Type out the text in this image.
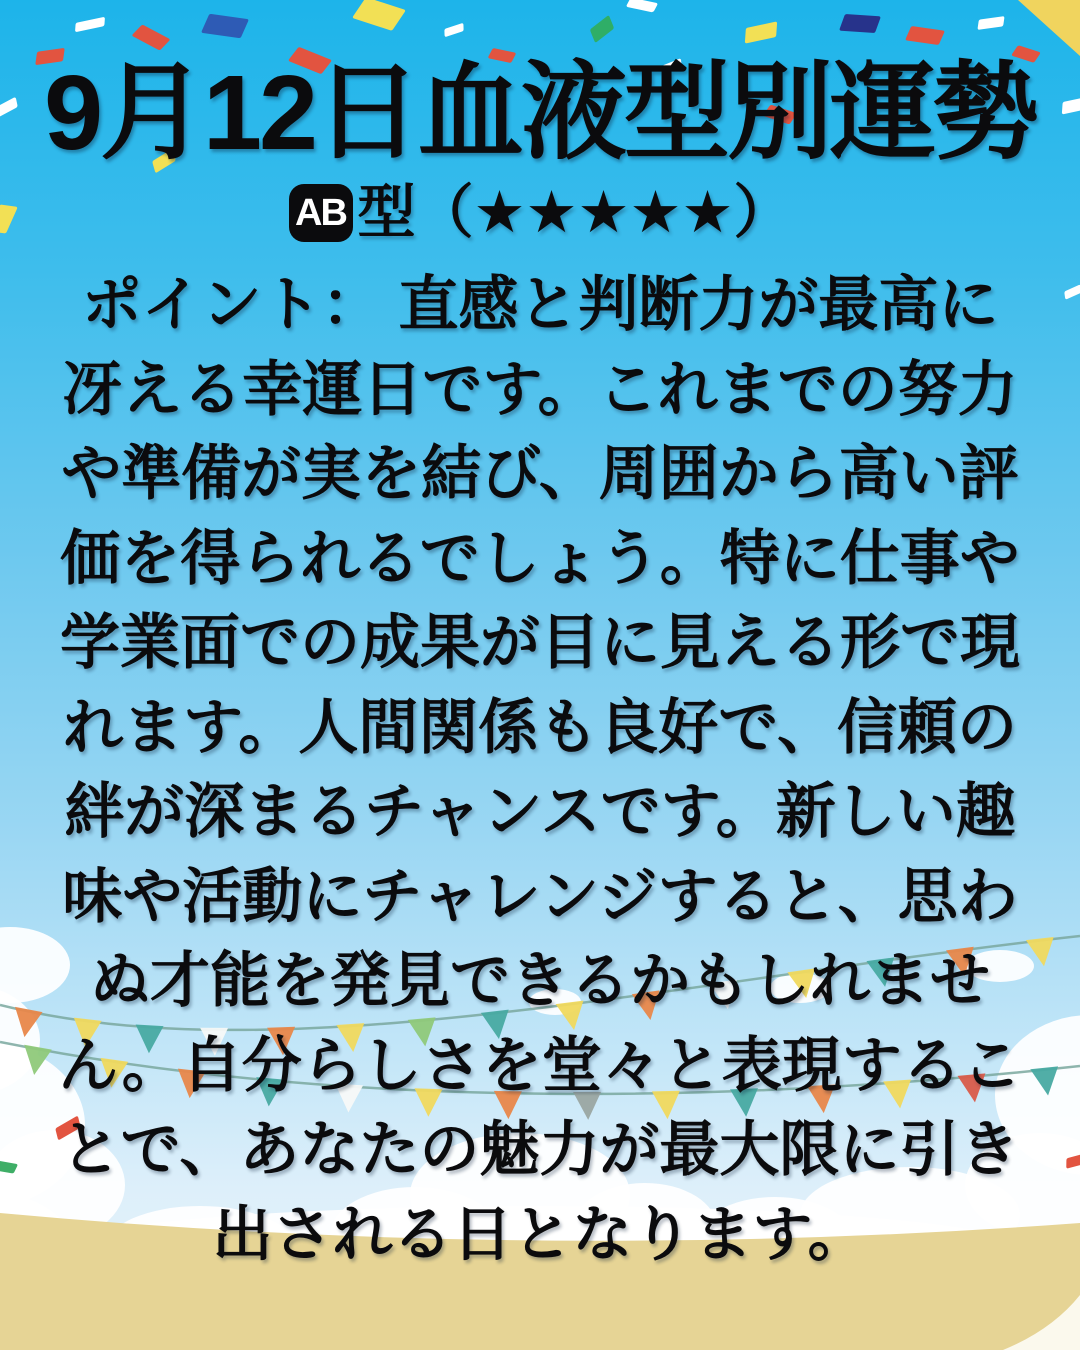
9月12日血液型別運勢
AB 型（★★★★★）
ポイント： 直感と判断力が最高に
冴える幸運日です。これまでの努力
や準備が実を結び、周囲から高い評
価を得られるでしょう。特に仕事や
学業面での成果が目に見える形で現
れます。人間関係も良好で、信頼の
絆が深まるチャンスです。新しい趣
味や活動にチャレンジすると、思わ
ぬ才能を発見できるかもしれませ
ん。自分らしさを堂々と表現するこ
とで、あなたの魅力が最大限に引き
出される日となります。
